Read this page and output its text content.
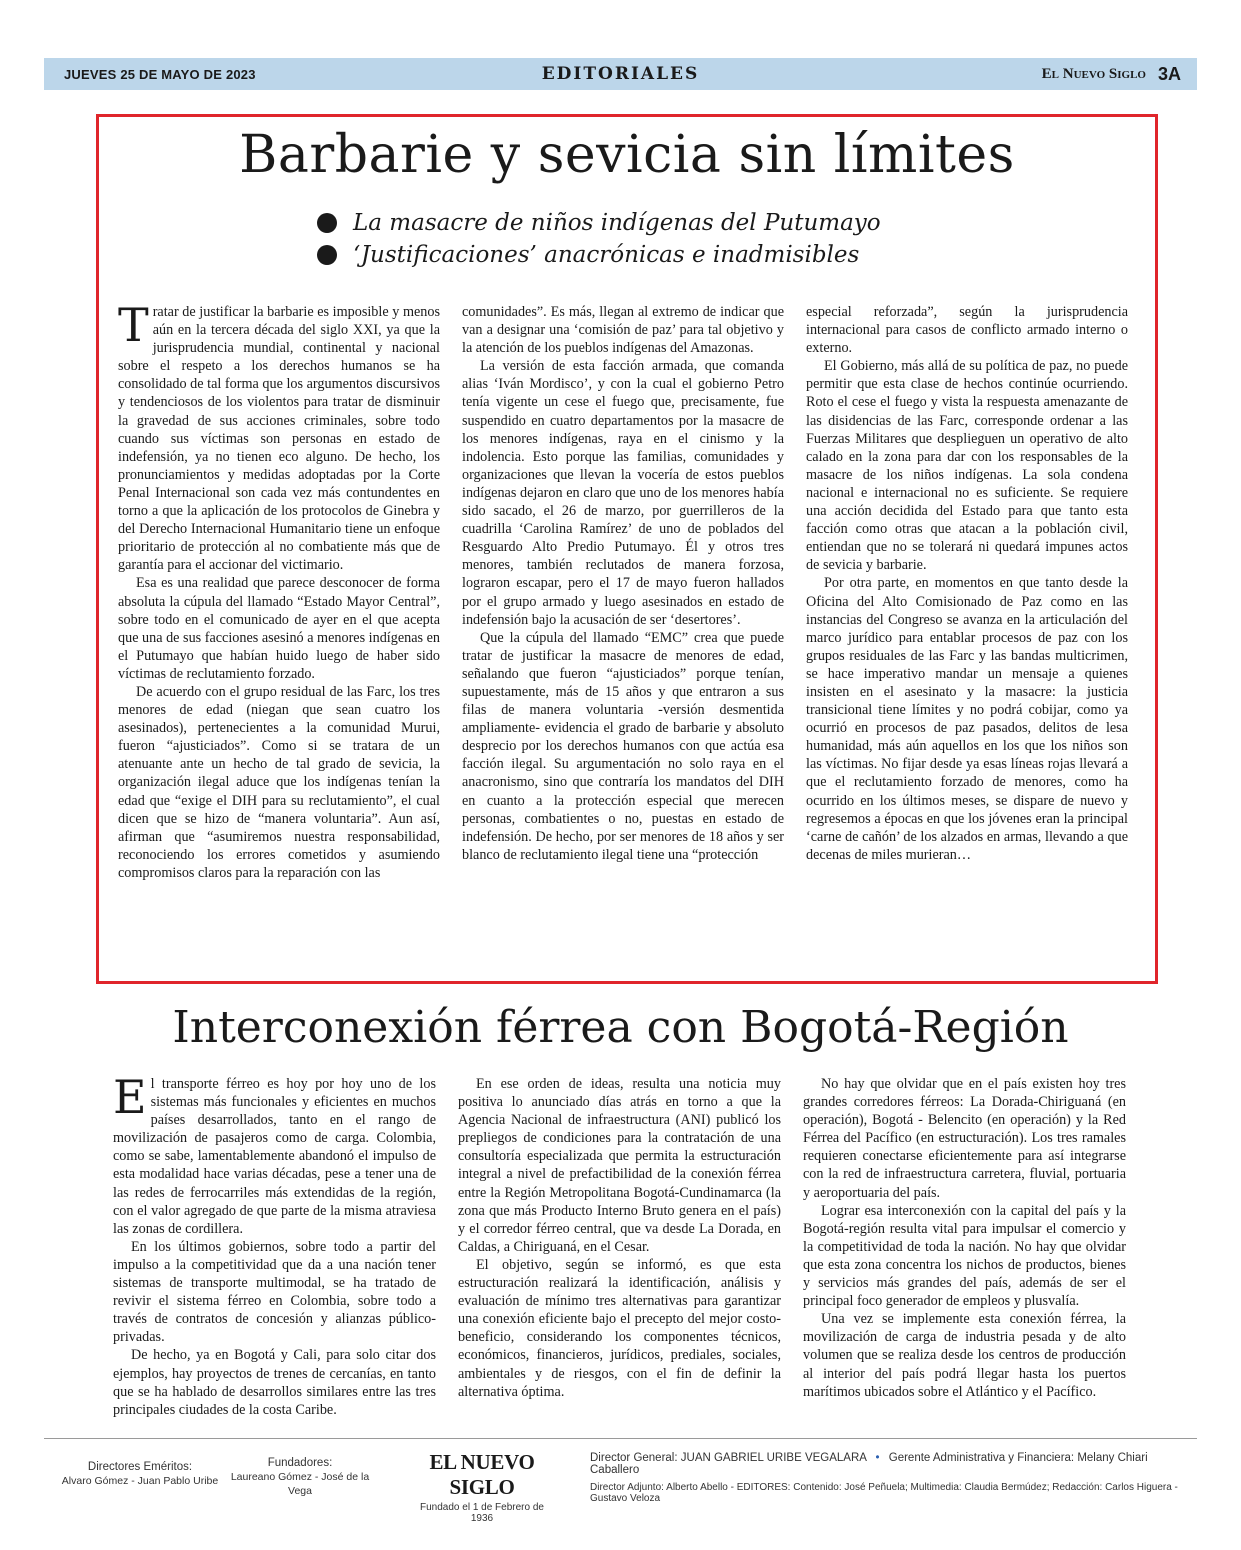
JUEVES 25 DE MAYO DE 2023	EDITORIALES	El Nuevo Siglo 3A
Barbarie y sevicia sin límites
La masacre de niños indígenas del Putumayo
‘Justificaciones’ anacrónicas e inadmisibles

Tratar de justificar la barbarie es imposible y menos aún en la tercera década del siglo XXI, ya que la jurisprudencia mundial, continental y nacional sobre el respeto a los derechos humanos se ha consolidado de tal forma que los argumentos discursivos y tendenciosos de los violentos para tratar de disminuir la gravedad de sus acciones criminales, sobre todo cuando sus víctimas son personas en estado de indefensión, ya no tienen eco alguno. De hecho, los pronunciamientos y medidas adoptadas por la Corte Penal Internacional son cada vez más contundentes en torno a que la aplicación de los protocolos de Ginebra y del Derecho Internacional Humanitario tiene un enfoque prioritario de protección al no combatiente más que de garantía para el accionar del victimario.

Esa es una realidad que parece desconocer de forma absoluta la cúpula del llamado “Estado Mayor Central”, sobre todo en el comunicado de ayer en el que acepta que una de sus facciones asesinó a menores indígenas en el Putumayo que habían huido luego de haber sido víctimas de reclutamiento forzado.

De acuerdo con el grupo residual de las Farc, los tres menores de edad (niegan que sean cuatro los asesinados), pertenecientes a la comunidad Murui, fueron “ajusticiados”. Como si se tratara de un atenuante ante un hecho de tal grado de sevicia, la organización ilegal aduce que los indígenas tenían la edad que “exige el DIH para su reclutamiento”, el cual dicen que se hizo de “manera voluntaria”. Aun así, afirman que “asumiremos nuestra responsabilidad, reconociendo los errores cometidos y asumiendo compromisos claros para la reparación con las

comunidades”. Es más, llegan al extremo de indicar que van a designar una ‘comisión de paz’ para tal objetivo y la atención de los pueblos indígenas del Amazonas.

La versión de esta facción armada, que comanda alias ‘Iván Mordisco’, y con la cual el gobierno Petro tenía vigente un cese el fuego que, precisamente, fue suspendido en cuatro departamentos por la masacre de los menores indígenas, raya en el cinismo y la indolencia. Esto porque las familias, comunidades y organizaciones que llevan la vocería de estos pueblos indígenas dejaron en claro que uno de los menores había sido sacado, el 26 de marzo, por guerrilleros de la cuadrilla ‘Carolina Ramírez’ de uno de poblados del Resguardo Alto Predio Putumayo. Él y otros tres menores, también reclutados de manera forzosa, lograron escapar, pero el 17 de mayo fueron hallados por el grupo armado y luego asesinados en estado de indefensión bajo la acusación de ser ‘desertores’.

Que la cúpula del llamado “EMC” crea que puede tratar de justificar la masacre de menores de edad, señalando que fueron “ajusticiados” porque tenían, supuestamente, más de 15 años y que entraron a sus filas de manera voluntaria -versión desmentida ampliamente- evidencia el grado de barbarie y absoluto desprecio por los derechos humanos con que actúa esa facción ilegal. Su argumentación no solo raya en el anacronismo, sino que contraría los mandatos del DIH en cuanto a la protección especial que merecen personas, combatientes o no, puestas en estado de indefensión. De hecho, por ser menores de 18 años y ser blanco de reclutamiento ilegal tiene una “protección

especial reforzada”, según la jurisprudencia internacional para casos de conflicto armado interno o externo.

El Gobierno, más allá de su política de paz, no puede permitir que esta clase de hechos continúe ocurriendo. Roto el cese el fuego y vista la respuesta amenazante de las disidencias de las Farc, corresponde ordenar a las Fuerzas Militares que desplieguen un operativo de alto calado en la zona para dar con los responsables de la masacre de los niños indígenas. La sola condena nacional e internacional no es suficiente. Se requiere una acción decidida del Estado para que tanto esta facción como otras que atacan a la población civil, entiendan que no se tolerará ni quedará impunes actos de sevicia y barbarie.

Por otra parte, en momentos en que tanto desde la Oficina del Alto Comisionado de Paz como en las instancias del Congreso se avanza en la articulación del marco jurídico para entablar procesos de paz con los grupos residuales de las Farc y las bandas multicrimen, se hace imperativo mandar un mensaje a quienes insisten en el asesinato y la masacre: la justicia transicional tiene límites y no podrá cobijar, como ya ocurrió en procesos de paz pasados, delitos de lesa humanidad, más aún aquellos en los que los niños son las víctimas. No fijar desde ya esas líneas rojas llevará a que el reclutamiento forzado de menores, como ha ocurrido en los últimos meses, se dispare de nuevo y regresemos a épocas en que los jóvenes eran la principal ‘carne de cañón’ de los alzados en armas, llevando a que decenas de miles murieran…

Interconexión férrea con Bogotá-Región

El transporte férreo es hoy por hoy uno de los sistemas más funcionales y eficientes en muchos países desarrollados, tanto en el rango de movilización de pasajeros como de carga. Colombia, como se sabe, lamentablemente abandonó el impulso de esta modalidad hace varias décadas, pese a tener una de las redes de ferrocarriles más extendidas de la región, con el valor agregado de que parte de la misma atraviesa las zonas de cordillera.

En los últimos gobiernos, sobre todo a partir del impulso a la competitividad que da a una nación tener sistemas de transporte multimodal, se ha tratado de revivir el sistema férreo en Colombia, sobre todo a través de contratos de concesión y alianzas público- privadas.

De hecho, ya en Bogotá y Cali, para solo citar dos ejemplos, hay proyectos de trenes de cercanías, en tanto que se ha hablado de desarrollos similares entre las tres principales ciudades de la costa Caribe.

En ese orden de ideas, resulta una noticia muy positiva lo anunciado días atrás en torno a que la Agencia Nacional de infraestructura (ANI) publicó los prepliegos de condiciones para la contratación de una consultoría especializada que permita la estructuración integral a nivel de prefactibilidad de la conexión férrea entre la Región Metropolitana Bogotá-Cundinamarca (la zona que más Producto Interno Bruto genera en el país) y el corredor férreo central, que va desde La Dorada, en Caldas, a Chiriguaná, en el Cesar.

El objetivo, según se informó, es que esta estructuración realizará la identificación, análisis y evaluación de mínimo tres alternativas para garantizar una conexión eficiente bajo el precepto del mejor costo- beneficio, considerando los componentes técnicos, económicos, financieros, jurídicos, prediales, sociales, ambientales y de riesgos, con el fin de definir la alternativa óptima.

No hay que olvidar que en el país existen hoy tres grandes corredores férreos: La Dorada-Chiriguaná (en operación), Bogotá - Belencito (en operación) y la Red Férrea del Pacífico (en estructuración). Los tres ramales requieren conectarse eficientemente para así integrarse con la red de infraestructura carretera, fluvial, portuaria y aeroportuaria del país.

Lograr esa interconexión con la capital del país y la Bogotá-región resulta vital para impulsar el comercio y la competitividad de toda la nación. No hay que olvidar que esta zona concentra los nichos de productos, bienes y servicios más grandes del país, además de ser el principal foco generador de empleos y plusvalía.

Una vez se implemente esta conexión férrea, la movilización de carga de industria pesada y de alto volumen que se realiza desde los centros de producción al interior del país podrá llegar hasta los puertos marítimos ubicados sobre el Atlántico y el Pacífico.

Directores Eméritos:
Alvaro Gómez - Juan Pablo Uribe
Fundadores:
Laureano Gómez - José de la Vega
EL NUEVO SIGLO
Fundado el 1 de Febrero de 1936
Director General: JUAN GABRIEL URIBE VEGALARA • Gerente Administrativa y Financiera: Melany Chiari Caballero
Director Adjunto: Alberto Abello - EDITORES: Contenido: José Peñuela; Multimedia: Claudia Bermúdez; Redacción: Carlos Higuera - Gustavo Veloza
